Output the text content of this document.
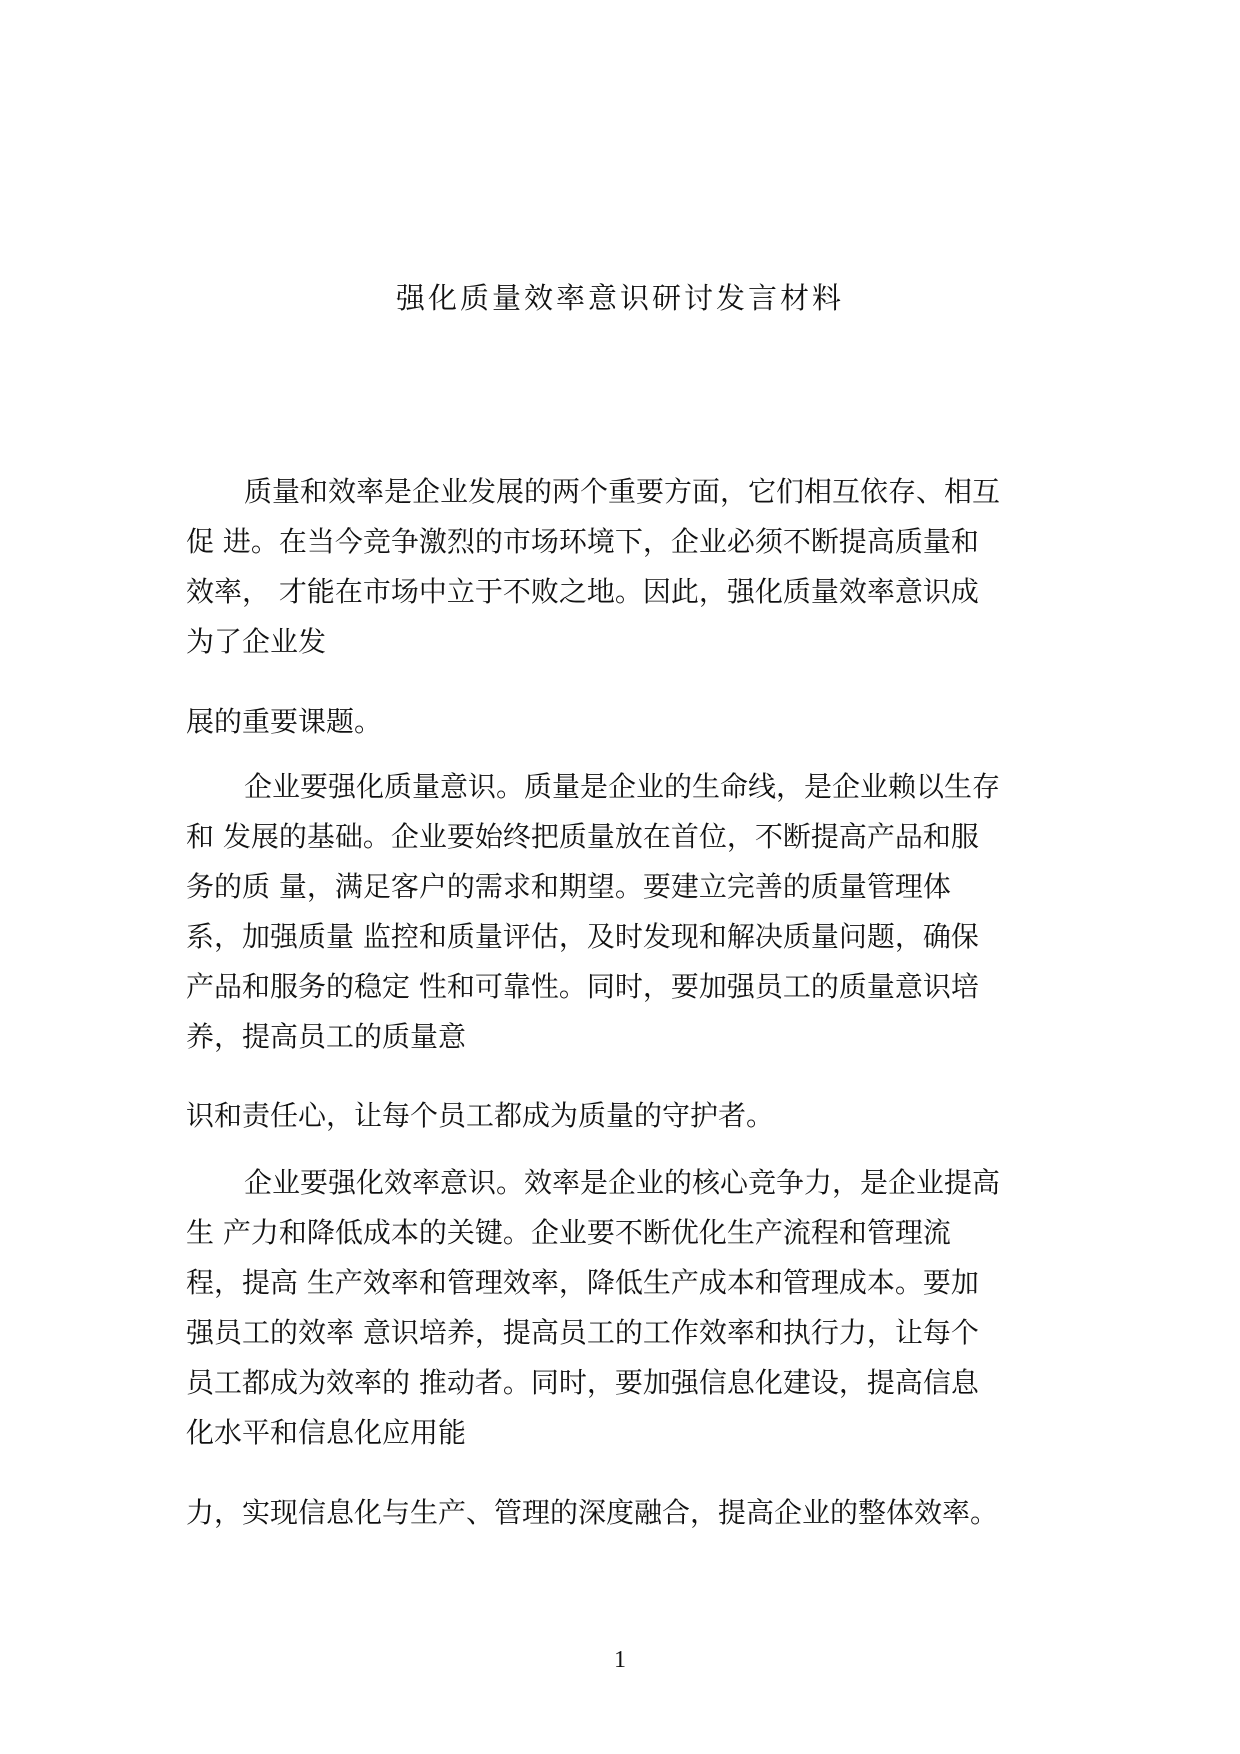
强化质量效率意识研讨发言材料
质量和效率是企业发展的两个重要方面，它们相互依存、相互
促 进。在当今竞争激烈的市场环境下，企业必须不断提高质量和
效率， 才能在市场中立于不败之地。因此，强化质量效率意识成
为了企业发
展的重要课题。
企业要强化质量意识。质量是企业的生命线，是企业赖以生存
和 发展的基础。企业要始终把质量放在首位，不断提高产品和服
务的质 量，满足客户的需求和期望。要建立完善的质量管理体
系，加强质量 监控和质量评估，及时发现和解决质量问题，确保
产品和服务的稳定 性和可靠性。同时，要加强员工的质量意识培
养，提高员工的质量意
识和责任心，让每个员工都成为质量的守护者。
企业要强化效率意识。效率是企业的核心竞争力，是企业提高
生 产力和降低成本的关键。企业要不断优化生产流程和管理流
程，提高 生产效率和管理效率，降低生产成本和管理成本。要加
强员工的效率 意识培养，提高员工的工作效率和执行力，让每个
员工都成为效率的 推动者。同时，要加强信息化建设，提高信息
化水平和信息化应用能
力，实现信息化与生产、管理的深度融合，提高企业的整体效率。
1
